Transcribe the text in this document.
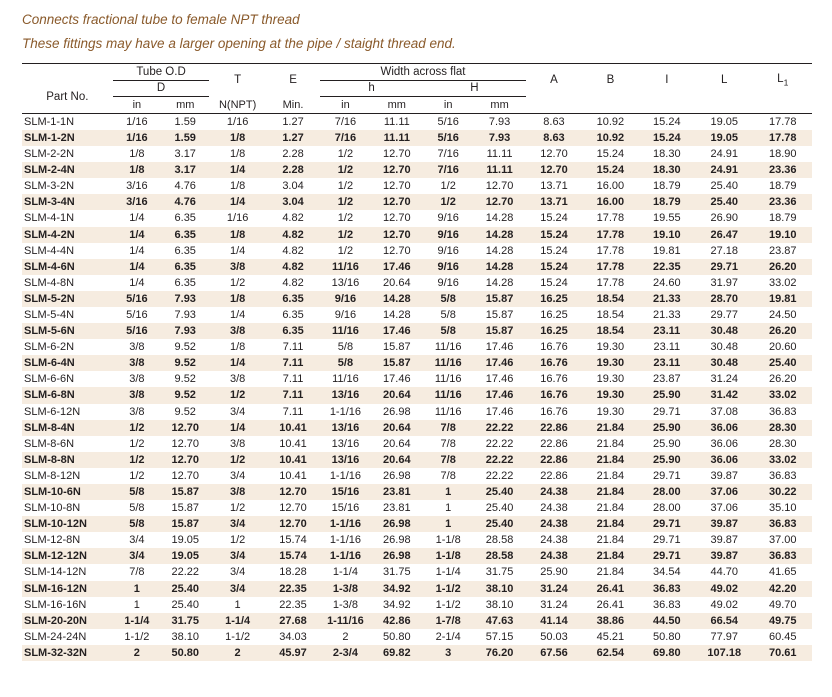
Connects fractional tube to female NPT thread
These fittings may have a larger opening at the pipe / staight thread end.
	Tube O.D		T	E	Width across flat				A	B	I	L	$L_1$
Part No.	D				h		H						
	in	mm	N(NPT)	Min.	in	mm	in	mm					
SLM-1-1N	1/16	1.59	1/16	1.27	7/16	11.11	5/16	7.93	8.63	10.92	15.24	19.05	17.78
SLM-1-2N	1/16	1.59	1/8	1.27	7/16	11.11	5/16	7.93	8.63	10.92	15.24	19.05	17.78
SLM-2-2N	1/8	3.17	1/8	2.28	1/2	12.70	7/16	11.11	12.70	15.24	18.30	24.91	18.90
SLM-2-4N	1/8	3.17	1/4	2.28	1/2	12.70	7/16	11.11	12.70	15.24	18.30	24.91	23.36
SLM-3-2N	3/16	4.76	1/8	3.04	1/2	12.70	1/2	12.70	13.71	16.00	18.79	25.40	18.79
SLM-3-4N	3/16	4.76	1/4	3.04	1/2	12.70	1/2	12.70	13.71	16.00	18.79	25.40	23.36
SLM-4-1N	1/4	6.35	1/16	4.82	1/2	12.70	9/16	14.28	15.24	17.78	19.55	26.90	18.79
SLM-4-2N	1/4	6.35	1/8	4.82	1/2	12.70	9/16	14.28	15.24	17.78	19.10	26.47	19.10
SLM-4-4N	1/4	6.35	1/4	4.82	1/2	12.70	9/16	14.28	15.24	17.78	19.81	27.18	23.87
SLM-4-6N	1/4	6.35	3/8	4.82	11/16	17.46	9/16	14.28	15.24	17.78	22.35	29.71	26.20
SLM-4-8N	1/4	6.35	1/2	4.82	13/16	20.64	9/16	14.28	15.24	17.78	24.60	31.97	33.02
SLM-5-2N	5/16	7.93	1/8	6.35	9/16	14.28	5/8	15.87	16.25	18.54	21.33	28.70	19.81
SLM-5-4N	5/16	7.93	1/4	6.35	9/16	14.28	5/8	15.87	16.25	18.54	21.33	29.77	24.50
SLM-5-6N	5/16	7.93	3/8	6.35	11/16	17.46	5/8	15.87	16.25	18.54	23.11	30.48	26.20
SLM-6-2N	3/8	9.52	1/8	7.11	5/8	15.87	11/16	17.46	16.76	19.30	23.11	30.48	20.60
SLM-6-4N	3/8	9.52	1/4	7.11	5/8	15.87	11/16	17.46	16.76	19.30	23.11	30.48	25.40
SLM-6-6N	3/8	9.52	3/8	7.11	11/16	17.46	11/16	17.46	16.76	19.30	23.87	31.24	26.20
SLM-6-8N	3/8	9.52	1/2	7.11	13/16	20.64	11/16	17.46	16.76	19.30	25.90	31.42	33.02
SLM-6-12N	3/8	9.52	3/4	7.11	1-1/16	26.98	11/16	17.46	16.76	19.30	29.71	37.08	36.83
SLM-8-4N	1/2	12.70	1/4	10.41	13/16	20.64	7/8	22.22	22.86	21.84	25.90	36.06	28.30
SLM-8-6N	1/2	12.70	3/8	10.41	13/16	20.64	7/8	22.22	22.86	21.84	25.90	36.06	28.30
SLM-8-8N	1/2	12.70	1/2	10.41	13/16	20.64	7/8	22.22	22.86	21.84	25.90	36.06	33.02
SLM-8-12N	1/2	12.70	3/4	10.41	1-1/16	26.98	7/8	22.22	22.86	21.84	29.71	39.87	36.83
SLM-10-6N	5/8	15.87	3/8	12.70	15/16	23.81	1	25.40	24.38	21.84	28.00	37.06	30.22
SLM-10-8N	5/8	15.87	1/2	12.70	15/16	23.81	1	25.40	24.38	21.84	28.00	37.06	35.10
SLM-10-12N	5/8	15.87	3/4	12.70	1-1/16	26.98	1	25.40	24.38	21.84	29.71	39.87	36.83
SLM-12-8N	3/4	19.05	1/2	15.74	1-1/16	26.98	1-1/8	28.58	24.38	21.84	29.71	39.87	37.00
SLM-12-12N	3/4	19.05	3/4	15.74	1-1/16	26.98	1-1/8	28.58	24.38	21.84	29.71	39.87	36.83
SLM-14-12N	7/8	22.22	3/4	18.28	1-1/4	31.75	1-1/4	31.75	25.90	21.84	34.54	44.70	41.65
SLM-16-12N	1	25.40	3/4	22.35	1-3/8	34.92	1-1/2	38.10	31.24	26.41	36.83	49.02	42.20
SLM-16-16N	1	25.40	1	22.35	1-3/8	34.92	1-1/2	38.10	31.24	26.41	36.83	49.02	49.70
SLM-20-20N	1-1/4	31.75	1-1/4	27.68	1-11/16	42.86	1-7/8	47.63	41.14	38.86	44.50	66.54	49.75
SLM-24-24N	1-1/2	38.10	1-1/2	34.03	2	50.80	2-1/4	57.15	50.03	45.21	50.80	77.97	60.45
SLM-32-32N	2	50.80	2	45.97	2-3/4	69.82	3	76.20	67.56	62.54	69.80	107.18	70.61
